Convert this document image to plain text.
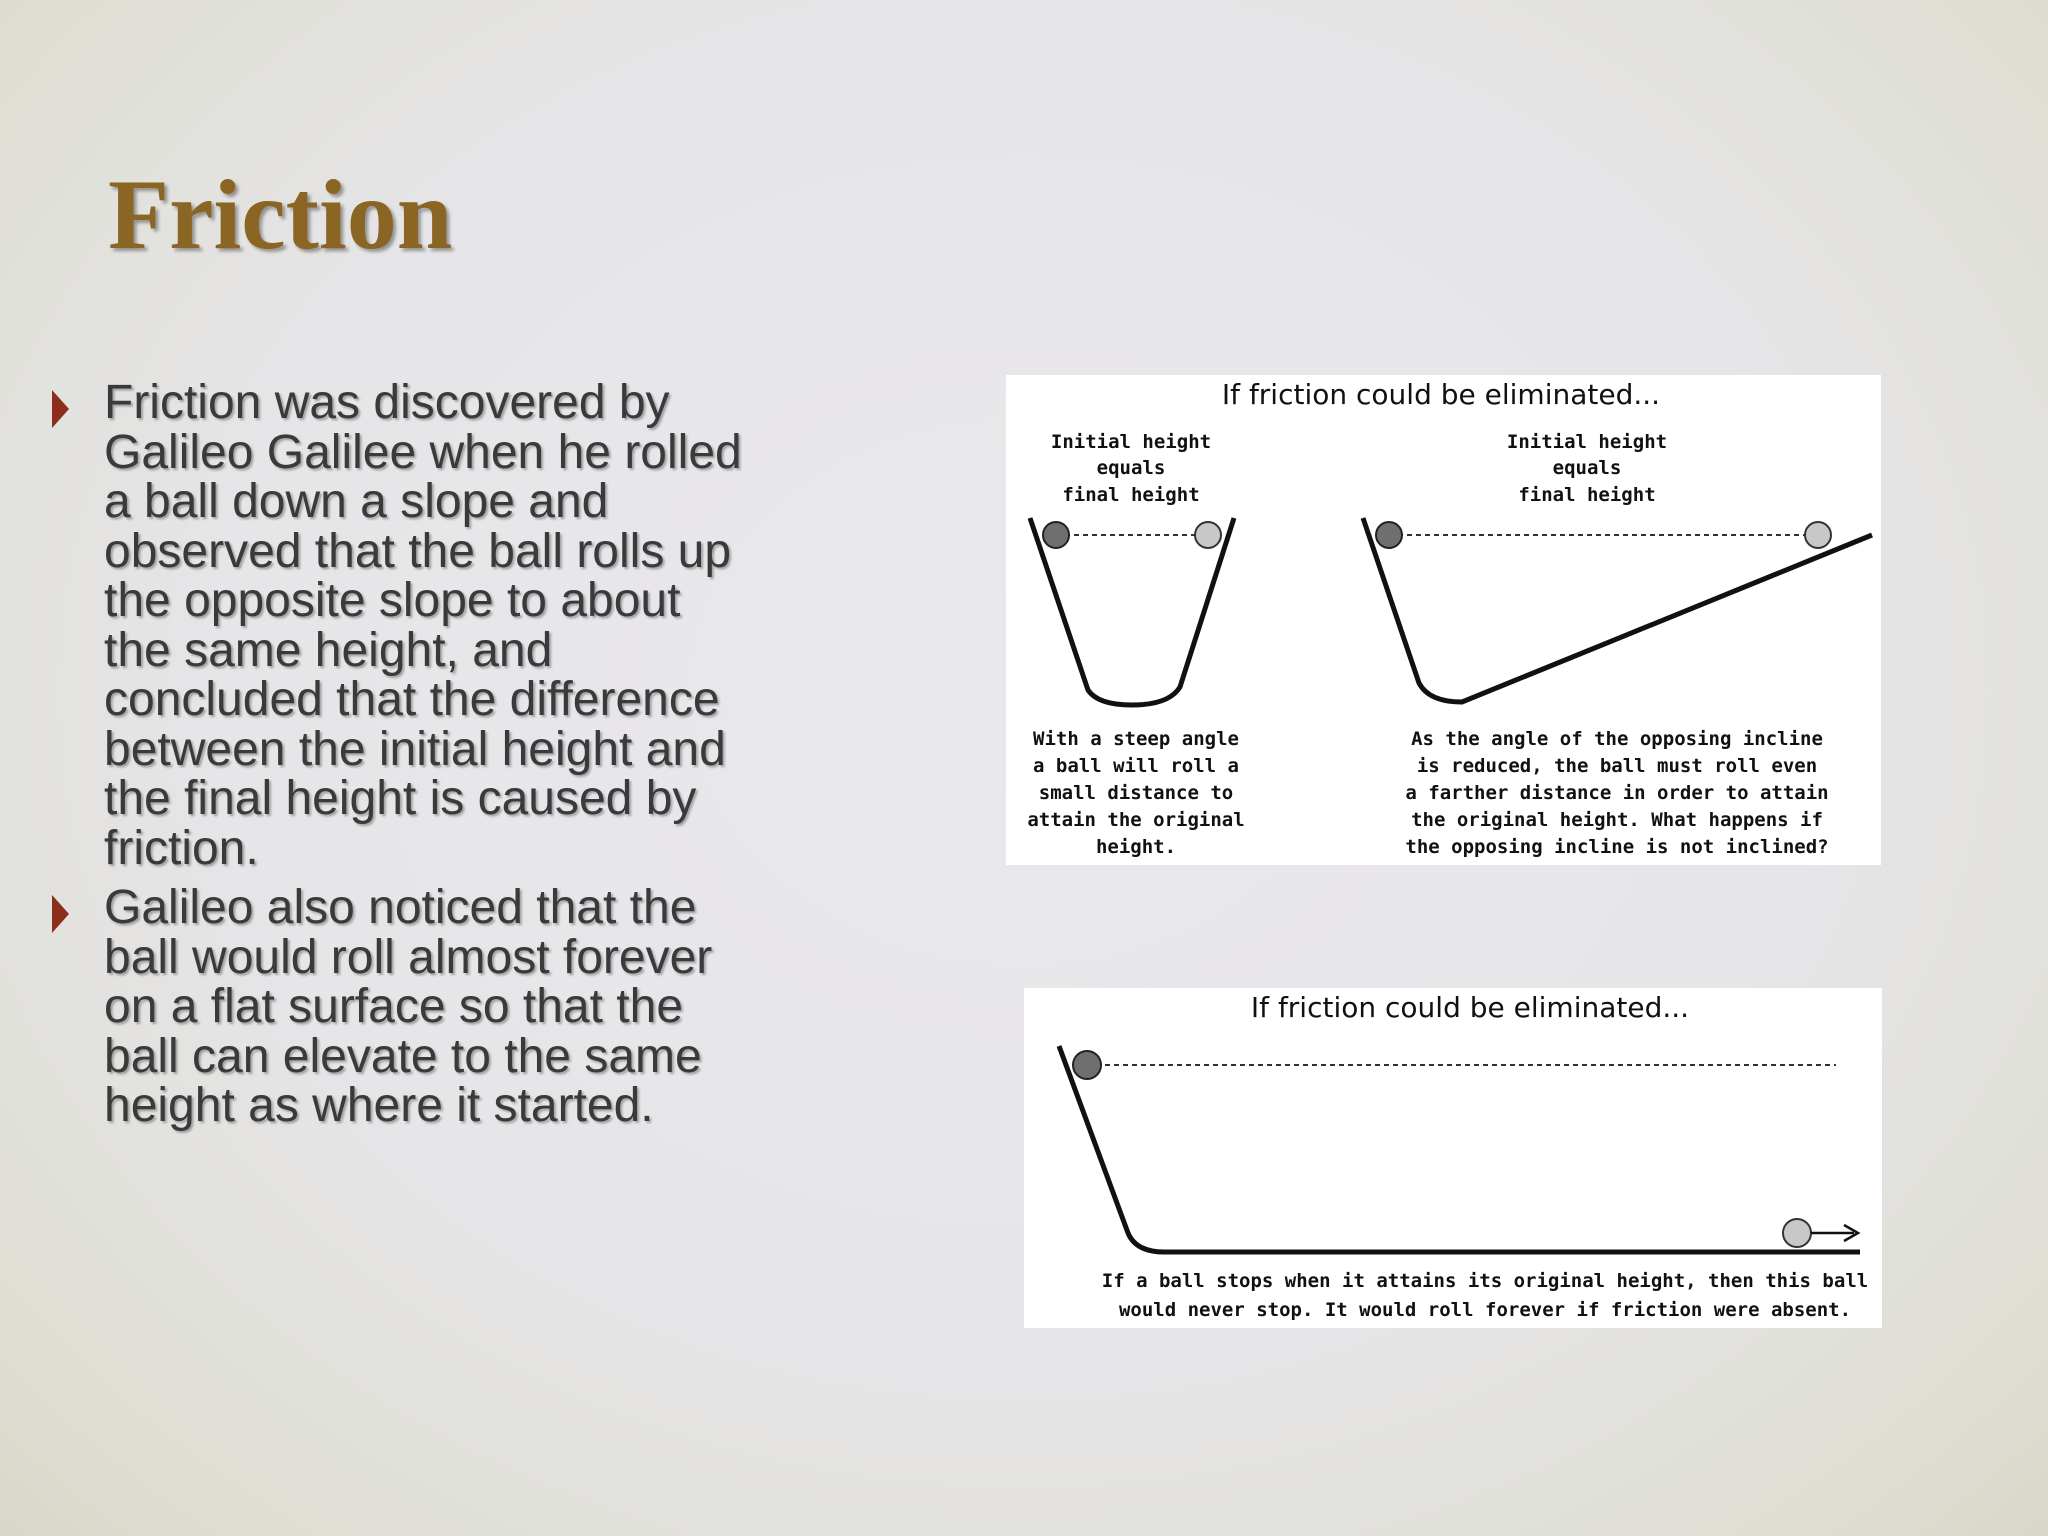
Friction
Friction was discovered by Galileo Galilee when he rolled a ball down a slope and observed that the ball rolls up the opposite slope to about the same height, and concluded that the difference between the initial height and the final height is caused by friction.
Galileo also noticed that the ball would roll almost forever on a flat surface so that the ball can elevate to the same height as where it started.
If friction could be eliminated...
Initial height
equals
final height
Initial height
equals
final height
With a steep angle
a ball will roll a
small distance to
attain the original
height.
As the angle of the opposing incline
is reduced, the ball must roll even
a farther distance in order to attain
the original height. What happens if
the opposing incline is not inclined?
If friction could be eliminated...
If a ball stops when it attains its original height, then this ball
would never stop. It would roll forever if friction were absent.
